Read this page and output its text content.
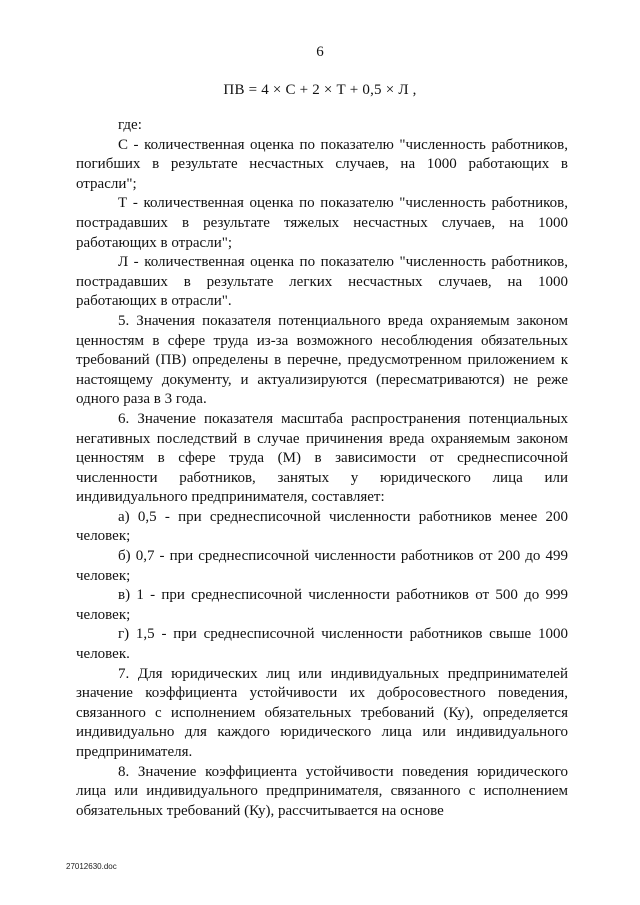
6
ПВ = 4 × С + 2 × Т + 0,5 × Л ,

где:

С - количественная оценка по показателю "численность работников, погибших в результате несчастных случаев, на 1000 работающих в отрасли";

Т - количественная оценка по показателю "численность работников, пострадавших в результате тяжелых несчастных случаев, на 1000 работающих в отрасли";

Л - количественная оценка по показателю "численность работников, пострадавших в результате легких несчастных случаев, на 1000 работающих в отрасли".

5. Значения показателя потенциального вреда охраняемым законом ценностям в сфере труда из-за возможного несоблюдения обязательных требований (ПВ) определены в перечне, предусмотренном приложением к настоящему документу, и актуализируются (пересматриваются) не реже одного раза в 3 года.

6. Значение показателя масштаба распространения потенциальных негативных последствий в случае причинения вреда охраняемым законом ценностям в сфере труда (М) в зависимости от среднесписочной численности работников, занятых у юридического лица или индивидуального предпринимателя, составляет:

а) 0,5 - при среднесписочной численности работников менее 200 человек;

б) 0,7 - при среднесписочной численности работников от 200 до 499 человек;

в) 1 - при среднесписочной численности работников от 500 до 999 человек;

г) 1,5 - при среднесписочной численности работников свыше 1000 человек.

7. Для юридических лиц или индивидуальных предпринимателей значение коэффициента устойчивости их добросовестного поведения, связанного с исполнением обязательных требований (Ку), определяется индивидуально для каждого юридического лица или индивидуального предпринимателя.

8. Значение коэффициента устойчивости поведения юридического лица или индивидуального предпринимателя, связанного с исполнением обязательных требований (Ку), рассчитывается на основе

27012630.doc
